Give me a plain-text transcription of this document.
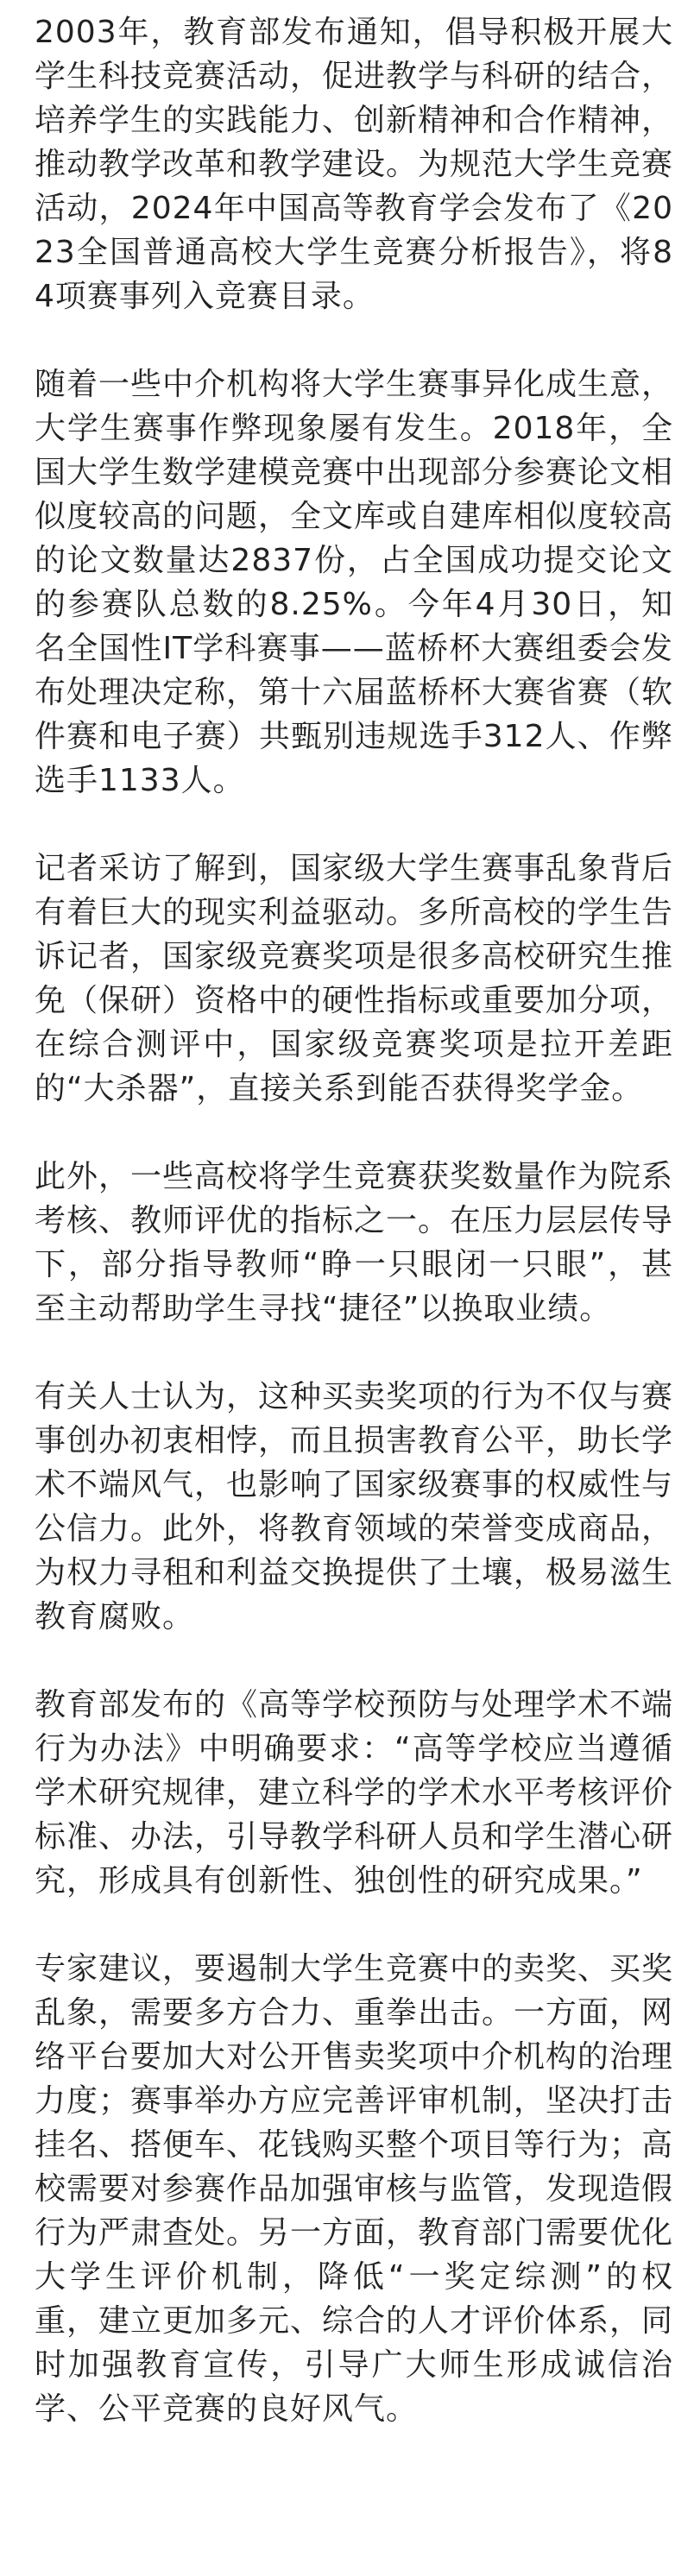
2003年，教育部发布通知，倡导积极开展大学生科技竞赛活动，促进教学与科研的结合，培养学生的实践能力、创新精神和合作精神，推动教学改革和教学建设。为规范大学生竞赛活动，2024年中国高等教育学会发布了《2023全国普通高校大学生竞赛分析报告》，将84项赛事列入竞赛目录。

随着一些中介机构将大学生赛事异化成生意，大学生赛事作弊现象屡有发生。2018年，全国大学生数学建模竞赛中出现部分参赛论文相似度较高的问题，全文库或自建库相似度较高的论文数量达2837份，占全国成功提交论文的参赛队总数的8.25%。今年4月30日，知名全国性IT学科赛事——蓝桥杯大赛组委会发布处理决定称，第十六届蓝桥杯大赛省赛（软件赛和电子赛）共甄别违规选手312人、作弊选手1133人。

记者采访了解到，国家级大学生赛事乱象背后有着巨大的现实利益驱动。多所高校的学生告诉记者，国家级竞赛奖项是很多高校研究生推免（保研）资格中的硬性指标或重要加分项，在综合测评中，国家级竞赛奖项是拉开差距的“大杀器”，直接关系到能否获得奖学金。

此外，一些高校将学生竞赛获奖数量作为院系考核、教师评优的指标之一。在压力层层传导下，部分指导教师“睁一只眼闭一只眼”，甚至主动帮助学生寻找“捷径”以换取业绩。

有关人士认为，这种买卖奖项的行为不仅与赛事创办初衷相悖，而且损害教育公平，助长学术不端风气，也影响了国家级赛事的权威性与公信力。此外，将教育领域的荣誉变成商品，为权力寻租和利益交换提供了土壤，极易滋生教育腐败。

教育部发布的《高等学校预防与处理学术不端行为办法》中明确要求：“高等学校应当遵循学术研究规律，建立科学的学术水平考核评价标准、办法，引导教学科研人员和学生潜心研究，形成具有创新性、独创性的研究成果。”

专家建议，要遏制大学生竞赛中的卖奖、买奖乱象，需要多方合力、重拳出击。一方面，网络平台要加大对公开售卖奖项中介机构的治理力度；赛事举办方应完善评审机制，坚决打击挂名、搭便车、花钱购买整个项目等行为；高校需要对参赛作品加强审核与监管，发现造假行为严肃查处。另一方面，教育部门需要优化大学生评价机制，降低“一奖定综测”的权重，建立更加多元、综合的人才评价体系，同时加强教育宣传，引导广大师生形成诚信治学、公平竞赛的良好风气。
